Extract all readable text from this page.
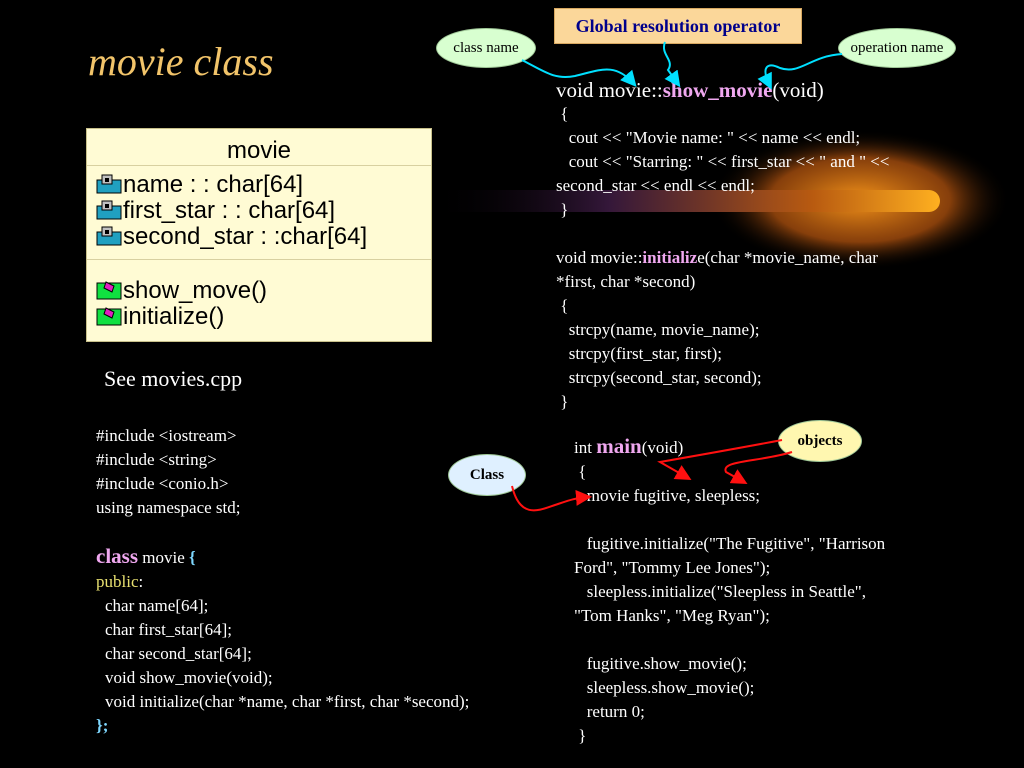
movie class
movie
name : : char[64]
first_star : : char[64]
second_star : :char[64]
show_move()
initialize()
See movies.cpp
#include <iostream>
#include <string>
#include <conio.h>
using namespace std;

class movie {
public:
char name[64];
char first_star[64];
char second_star[64];
void show_movie(void);
void initialize(char *name, char *first, char *second);
};
void movie::show_movie(void)
{
cout << "Movie name: " << name << endl;
cout << "Starring: " << first_star << " and " <<
second_star << endl << endl;
}

void movie::initialize(char *movie_name, char
*first, char *second)
{
strcpy(name, movie_name);
strcpy(first_star, first);
strcpy(second_star, second);
}
int main(void)
{
movie fugitive, sleepless;

fugitive.initialize("The Fugitive", "Harrison
Ford", "Tommy Lee Jones");
sleepless.initialize("Sleepless in Seattle",
"Tom Hanks", "Meg Ryan");

fugitive.show_movie();
sleepless.show_movie();
return 0;
}
Global resolution operator
class name	operation name
objects
Class
